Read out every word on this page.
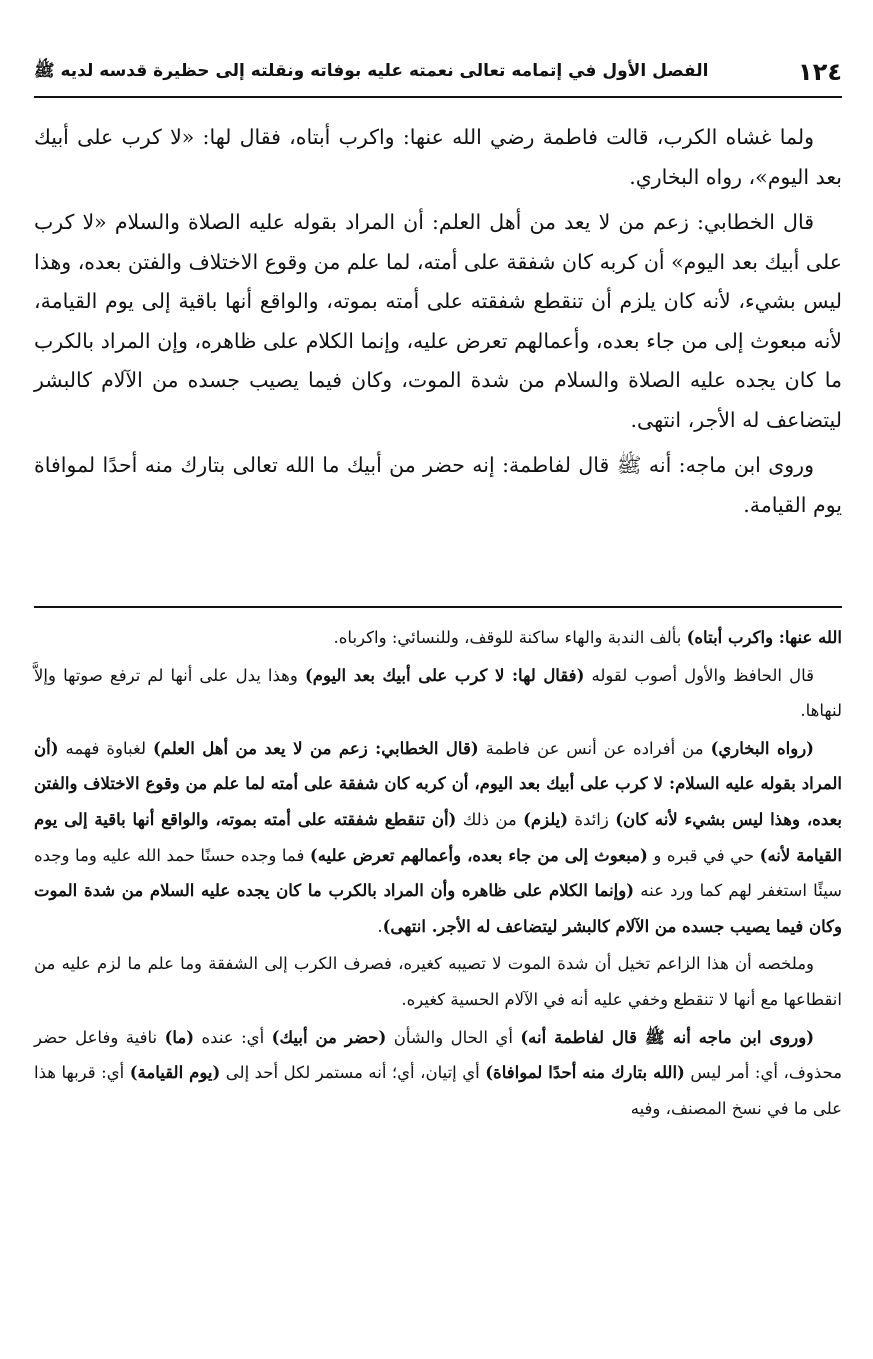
١٢٤
الفصل الأول في إتمامه تعالى نعمته عليه بوفاته ونقلته إلى حظيرة قدسه لديه ﷺ

ولما غشاه الكرب، قالت فاطمة رضي الله عنها: واكرب أبتاه، فقال لها: «لا كرب على أبيك بعد اليوم»، رواه البخاري.

قال الخطابي: زعم من لا يعد من أهل العلم: أن المراد بقوله عليه الصلاة والسلام «لا كرب على أبيك بعد اليوم» أن كربه كان شفقة على أمته، لما علم من وقوع الاختلاف والفتن بعده، وهذا ليس بشيء، لأنه كان يلزم أن تنقطع شفقته على أمته بموته، والواقع أنها باقية إلى يوم القيامة، لأنه مبعوث إلى من جاء بعده، وأعمالهم تعرض عليه، وإنما الكلام على ظاهره، وإن المراد بالكرب ما كان يجده عليه الصلاة والسلام من شدة الموت، وكان فيما يصيب جسده من الآلام كالبشر ليتضاعف له الأجر، انتهى.

وروى ابن ماجه: أنه ﷺ قال لفاطمة: إنه حضر من أبيك ما الله تعالى بتارك منه أحدًا لموافاة يوم القيامة.

الله عنها: واكرب أبتاه) بألف الندبة والهاء ساكنة للوقف، وللنسائي: واكرباه.

قال الحافظ والأول أصوب لقوله (فقال لها: لا كرب على أبيك بعد اليوم) وهذا يدل على أنها لم ترفع صوتها وإلاَّ لنهاها.

(رواه البخاري) من أفراده عن أنس عن فاطمة (قال الخطابي: زعم من لا يعد من أهل العلم) لغباوة فهمه (أن المراد بقوله عليه السلام: لا كرب على أبيك بعد اليوم، أن كربه كان شفقة على أمته لما علم من وقوع الاختلاف والفتن بعده، وهذا ليس بشيء لأنه كان) زائدة (يلزم) من ذلك (أن تنقطع شفقته على أمته بموته، والواقع أنها باقية إلى يوم القيامة لأنه) حي في قبره و (مبعوث إلى من جاء بعده، وأعمالهم تعرض عليه) فما وجده حسنًا حمد الله عليه وما وجده سيئًا استغفر لهم كما ورد عنه (وإنما الكلام على ظاهره وأن المراد بالكرب ما كان يجده عليه السلام من شدة الموت وكان فيما يصيب جسده من الآلام كالبشر ليتضاعف له الأجر. انتهى).

وملخصه أن هذا الزاعم تخيل أن شدة الموت لا تصيبه كغيره، فصرف الكرب إلى الشفقة وما علم ما لزم عليه من انقطاعها مع أنها لا تنقطع وخفي عليه أنه في الآلام الحسية كغيره.

(وروى ابن ماجه أنه ﷺ قال لفاطمة أنه) أي الحال والشأن (حضر من أبيك) أي: عنده (ما) نافية وفاعل حضر محذوف، أي: أمر ليس (الله بتارك منه أحدًا لموافاة) أي إتيان، أي؛ أنه مستمر لكل أحد إلى (يوم القيامة) أي: قربها هذا على ما في نسخ المصنف، وفيه
